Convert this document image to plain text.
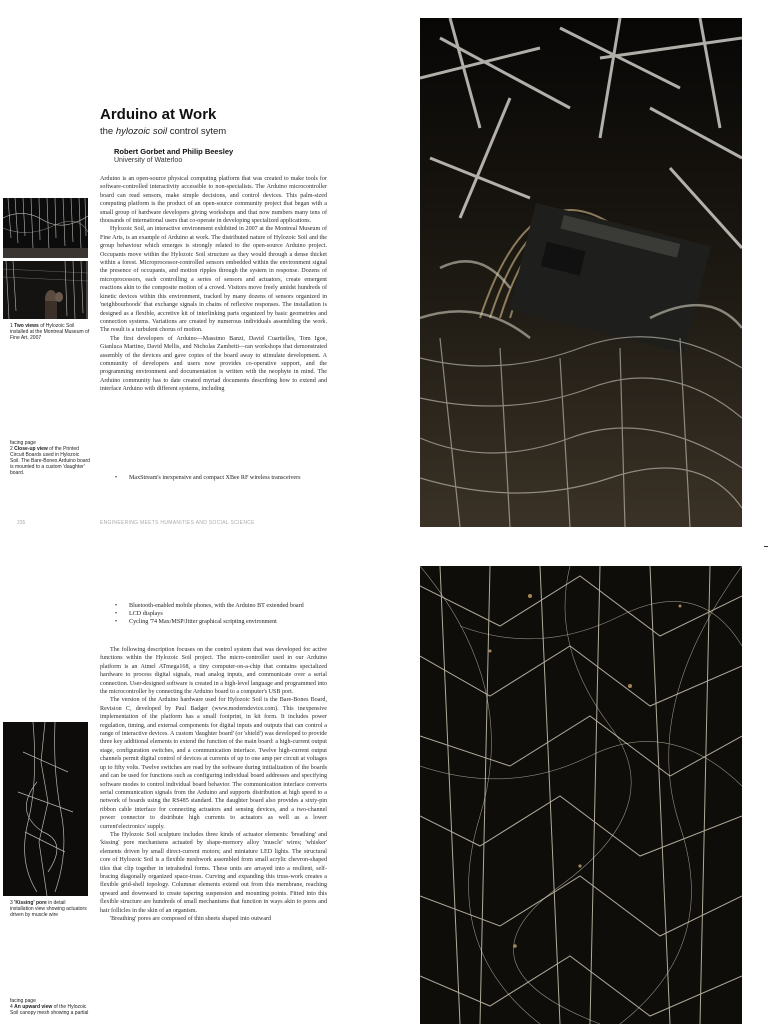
Arduino at Work
the hylozoic soil control sytem
Robert Gorbet and Philip Beesley
University of Waterloo

Arduino is an open-source physical computing platform that was created to make tools for software-controlled interactivity accessible to non-specialists. The Arduino microcontroller board can read sensors, make simple decisions, and control devices. This palm-sized computing platform is the product of an open-source community project that began with a small group of hardware developers giving workshops and that now numbers many tens of thousands of international users that co-operate in developing specialized applications.

Hylozoic Soil, an interactive environment exhibited in 2007 at the Montreal Museum of Fine Arts, is an example of Arduino at work. The distributed nature of Hylozoic Soil and the group behaviour which emerges is strongly related to the open-source Arduino project. Occupants move within the Hylozoic Soil structure as they would through a dense thicket within a forest. Microprocessor-controlled sensors embedded within the environment signal the presence of occupants, and motion ripples through the system in response. Dozens of microprocessors, each controlling a series of sensors and actuators, create emergent reactions akin to the composite motion of a crowd. Visitors move freely amidst hundreds of kinetic devices within this environment, tracked by many dozens of sensors organized in 'neighbourhoods' that exchange signals in chains of reflexive responses. The installation is designed as a flexible, accretive kit of interlinking parts organized by basic geometries and connection systems. Variations are created by numerous individuals assembling the work. The result is a turbulent chorus of motion.

The first developers of Arduino—Massimo Banzi, David Cuartielles, Tom Igoe, Gianluca Martino, David Mellis, and Nicholas Zambetti—ran workshops that demonstrated assembly of the devices and gave copies of the board away to stimulate development. A community of developers and users now provides co-operative support, and the programming environment and documentation is written with the neophyte in mind. The Arduino community has to date created myriad documents describing how to extend and interface Arduino with different systems, including

• MaxStream's inexpensive and compact XBee RF wireless transceivers
1 Two views of Hylozoic Soil installed at the Montreal Museum of Fine Art, 2007
facing page
2 Close-up view of the Printed Circuit Boards used in Hylozoic Soil. The Bare-Bones Arduino board is mounted to a custom 'daughter' board.
235	ENGINEERING MEETS HUMANITIES AND SOCIAL SCIENCE
• Bluetooth-enabled mobile phones, with the Arduino BT extended board
• LCD displays
• Cycling '74 Max/MSP/Jitter graphical scripting environment

The following description focuses on the control system that was developed for active functions within the Hylozoic Soil project. The micro-controller used in our Arduino platform is an Atmel ATmega168, a tiny computer-on-a-chip that contains specialized hardware to process digital signals, read analog inputs, and communicate over a serial connection. User-designed software is created in a high-level language and programmed into the microcontroller by connecting the Arduino board to a computer's USB port.

The version of the Arduino hardware used for Hylozoic Soil is the Bare-Bones Board, Revision C, developed by Paul Badger (www.moderndevice.com). This inexpensive implementation of the platform has a small footprint, in kit form. It includes power regulation, timing, and external components for digital inputs and outputs that can control a range of interactive devices. A custom 'daughter board' (or 'shield') was developed to provide three key additional elements to extend the function of the main board: a high-current output stage, configuration switches, and a communication interface. Twelve high-current output channels permit digital control of devices at currents of up to one amp per circuit at voltages up to fifty volts. Twelve switches are read by the software during initialization of the boards and can be used for functions such as configuring individual board addresses and specifying software modes to control individual board behavior. The communication interface converts serial communication signals from the Arduino and supports distribution at high speed to a network of boards using the RS485 standard. The daughter board also provides a sixty-pin ribbon cable interface for connecting actuators and sensing devices, and a two-channel power connector to distribute high currents to actuators as well as a lower current'electronics' supply.

The Hylozoic Soil sculpture includes three kinds of actuator elements: 'breathing' and 'kissing' pore mechanisms actuated by shape-memory alloy 'muscle' wires; 'whisker' elements driven by small direct-current motors; and miniature LED lights. The structural core of Hylozoic Soil is a flexible meshwork assembled from small acrylic chevron-shaped tiles that clip together in tetrahedral forms. These units are arrayed into a resilient, self-bracing diagonally organized space-truss. Curving and expanding this truss-work creates a flexible grid-shell topology. Columnar elements extend out from this membrane, reaching upward and downward to create tapering suspension and mounting points. Fitted into this flexible structure are hundreds of small mechanisms that function in ways akin to pores and hair follicles in the skin of an organism.

'Breathing' pores are composed of thin sheets shaped into outward

3 'Kissing' pore in detail installation view showing actuators driven by muscle wire
facing page
4 An upward view of the Hylozoic Soil canopy mesh showing a partial
